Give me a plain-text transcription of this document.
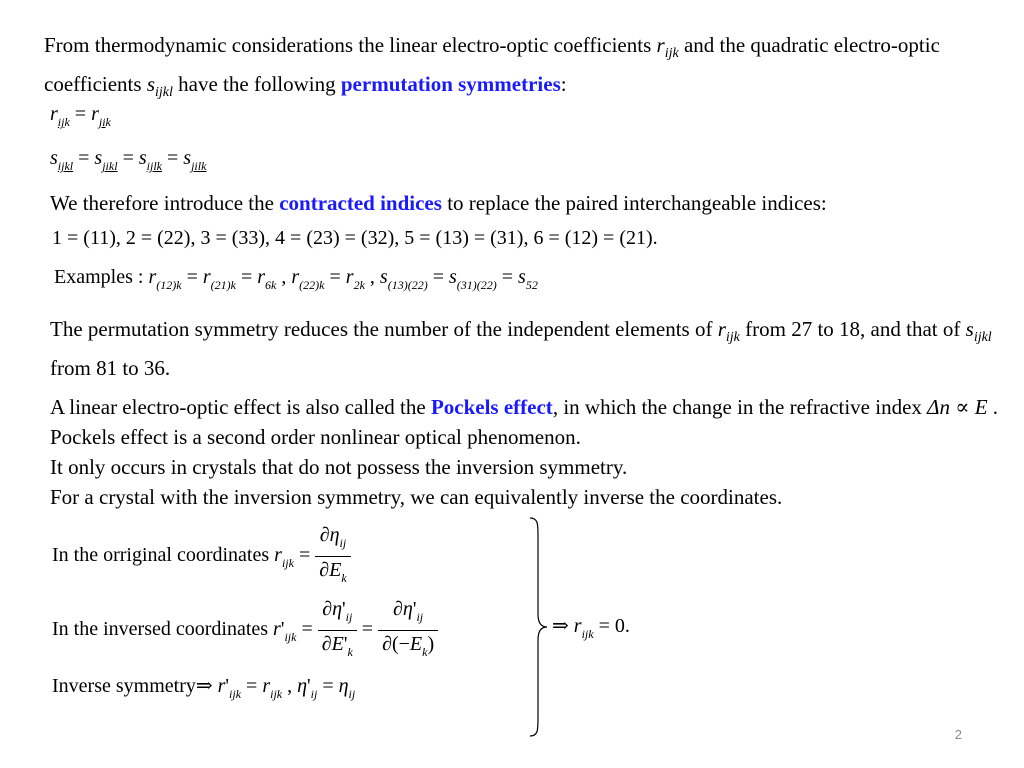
From thermodynamic considerations the linear electro-optic coefficients $r_{ijk}$ and the quadratic electro-optic coefficients $s_{ijkl}$ have the following permutation symmetries:
$r_{ijk} = r_{jik}$
$s_{ijkl} = s_{jikl} = s_{ijlk} = s_{jilk}$
We therefore introduce the contracted indices to replace the paired interchangeable indices:
1 = (11), 2 = (22), 3 = (33), 4 = (23) = (32), 5 = (13) = (31), 6 = (12) = (21).
Examples : $r_{(12)k} = r_{(21)k} = r_{6k}$ , $r_{(22)k} = r_{2k}$ , $s_{(13)(22)} = s_{(31)(22)} = s_{52}$
The permutation symmetry reduces the number of the independent elements of $r_{ijk}$ from 27 to 18, and that of $s_{ijkl}$ from 81 to 36.
A linear electro-optic effect is also called the Pockels effect, in which the change in the refractive index Δn ∝ E . Pockels effect is a second order nonlinear optical phenomenon.
It only occurs in crystals that do not possess the inversion symmetry.
For a crystal with the inversion symmetry, we can equivalently inverse the coordinates.
In the orriginal coordinates $r_{ijk} = \frac{\partial\eta_{ij}}{\partial E_k}$
In the inversed coordinates $r'_{ijk} = \frac{\partial\eta'_{ij}}{\partial E'_k} = \frac{\partial\eta'_{ij}}{\partial(-E_k)}$	⇒ $r_{ijk} = 0$.
Inverse symmetry⇒ $r'_{ijk} = r_{ijk}$ , $\eta'_{ij} = \eta_{ij}$
2
